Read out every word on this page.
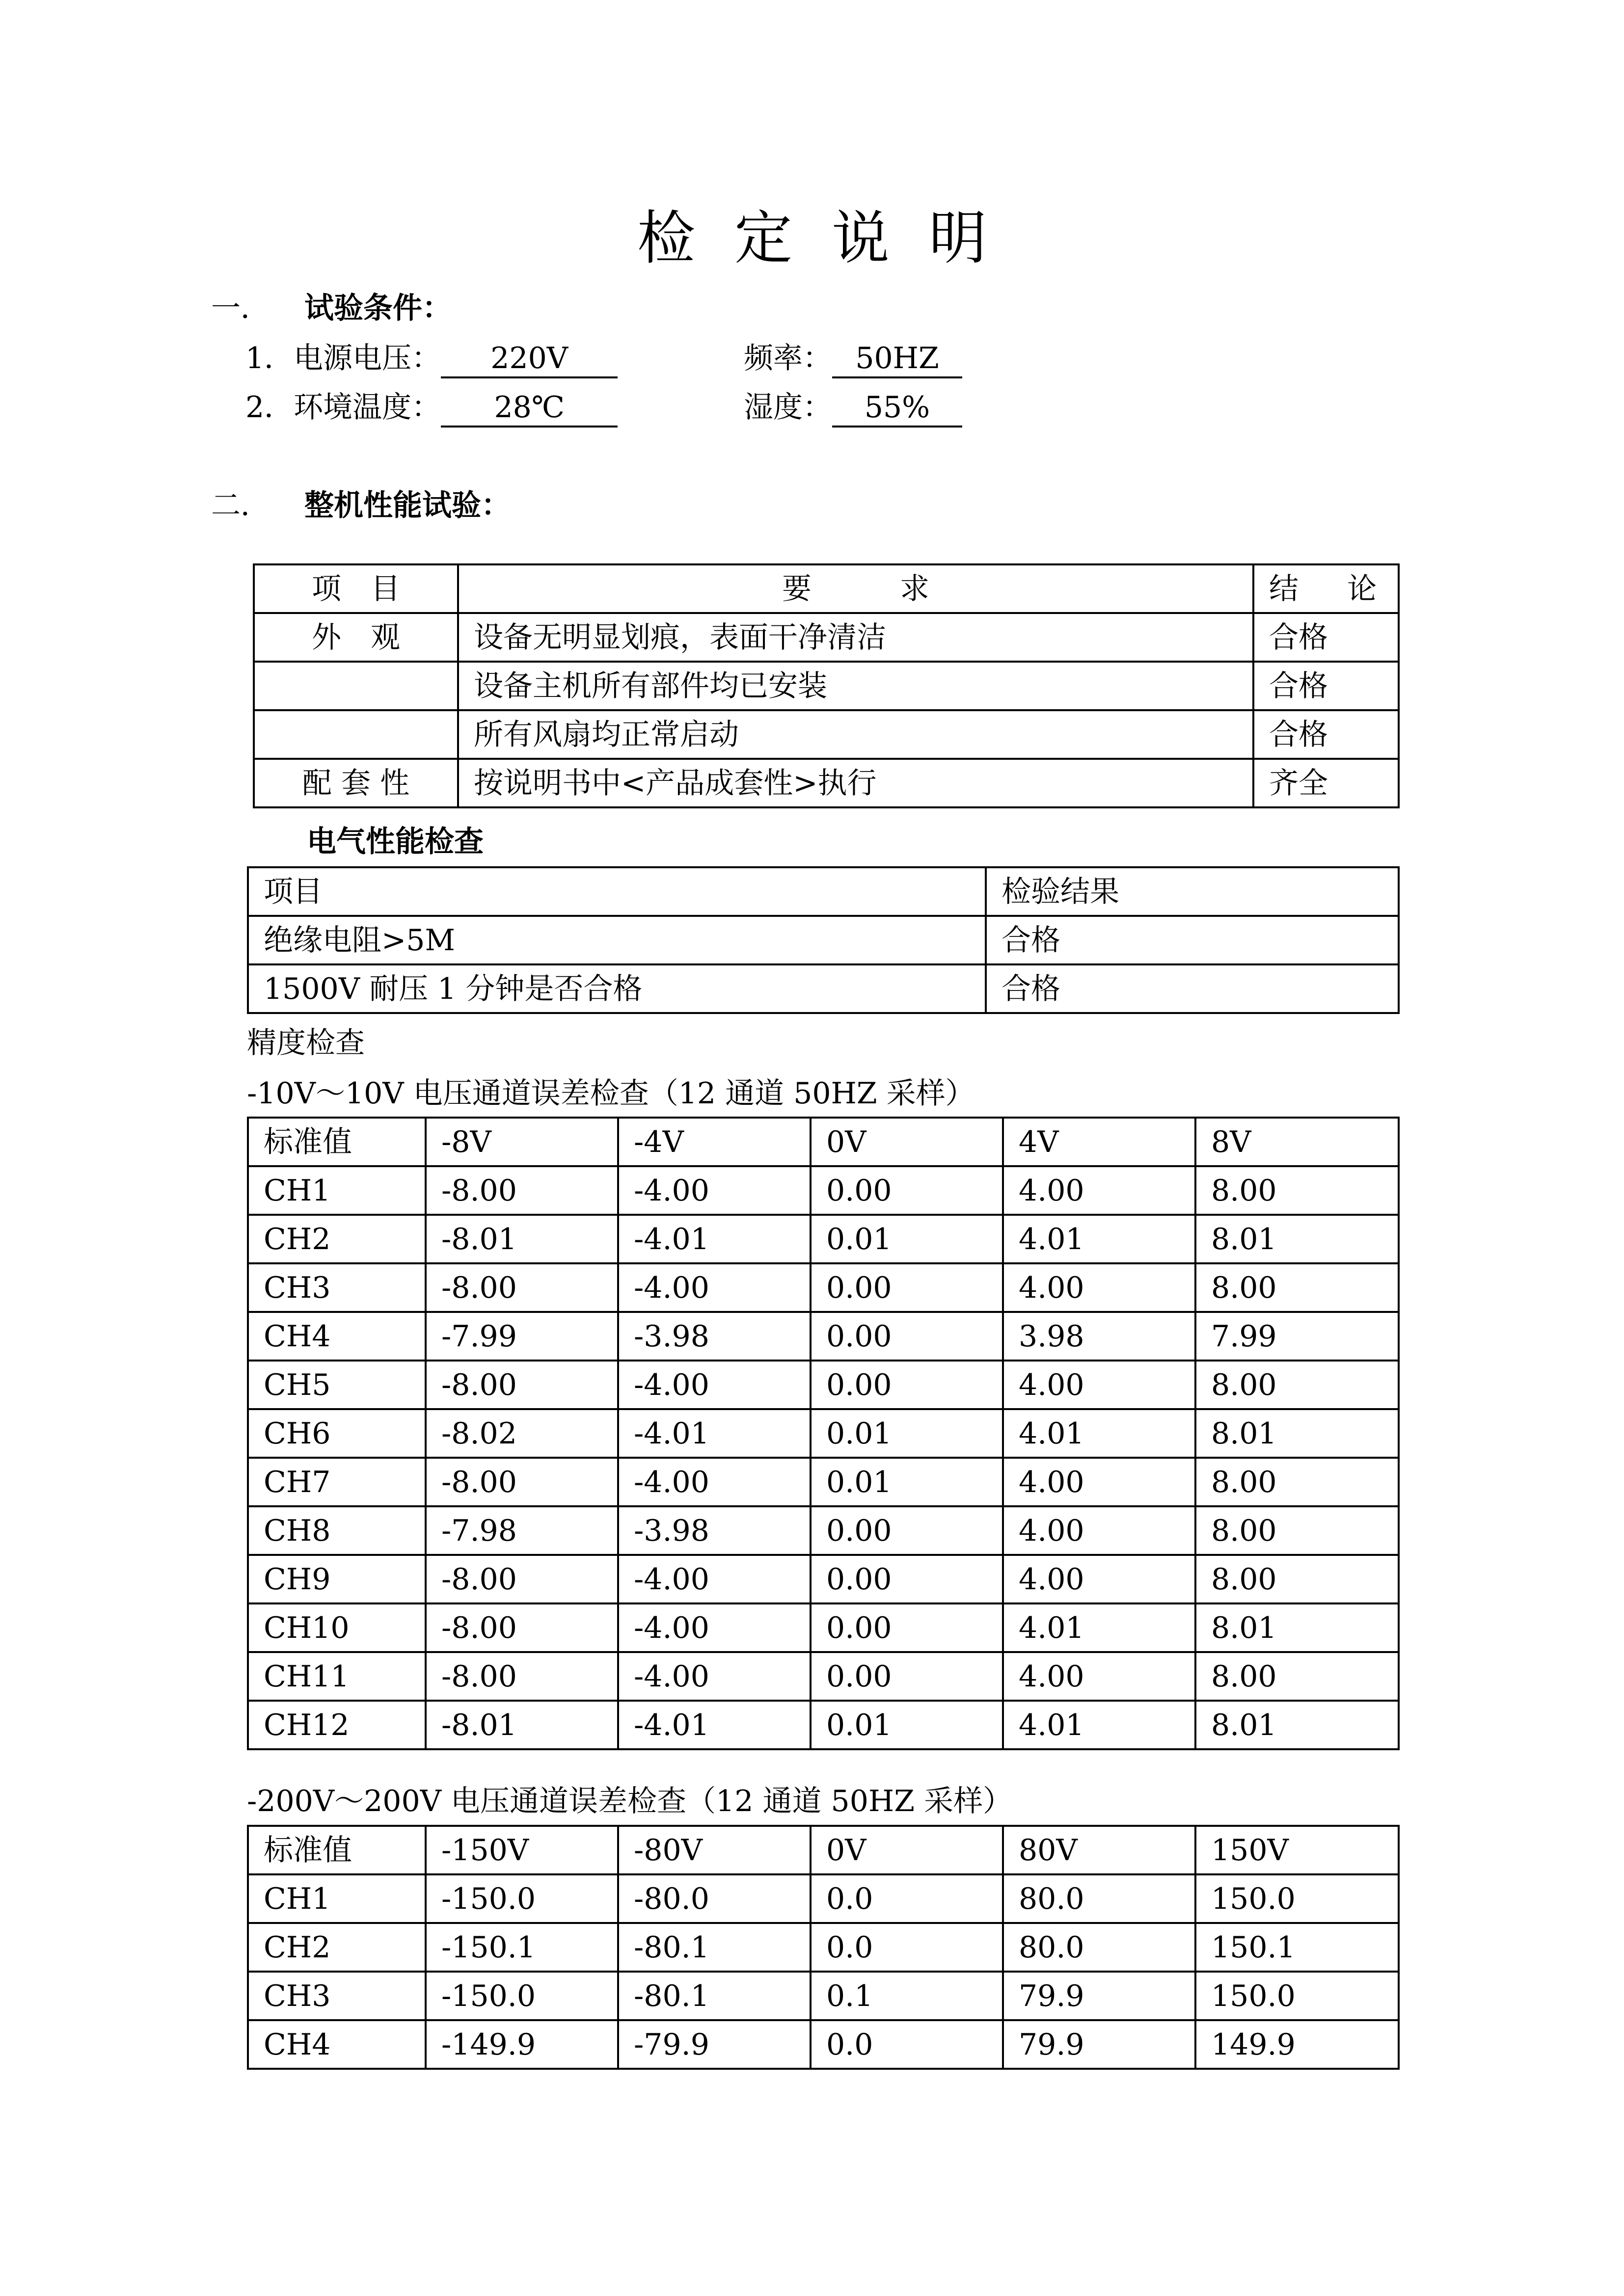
检定说明
一． 试验条件：
1．电源电压： 220V	频率： 50HZ
2．环境温度： 28℃	湿度： 55%
二． 整机性能试验：
项　目	要　　　求	结 论
外　观	设备无明显划痕，表面干净清洁	合格
	设备主机所有部件均已安装	合格
	所有风扇均正常启动	合格
配 套 性	按说明书中<产品成套性>执行	齐全
电气性能检查
项目	检验结果
绝缘电阻>5M	合格
1500V 耐压 1 分钟是否合格	合格
精度检查
-10V～10V 电压通道误差检查（12 通道 50HZ 采样）
标准值	-8V	-4V	0V	4V	8V
CH1	-8.00	-4.00	0.00	4.00	8.00
CH2	-8.01	-4.01	0.01	4.01	8.01
CH3	-8.00	-4.00	0.00	4.00	8.00
CH4	-7.99	-3.98	0.00	3.98	7.99
CH5	-8.00	-4.00	0.00	4.00	8.00
CH6	-8.02	-4.01	0.01	4.01	8.01
CH7	-8.00	-4.00	0.01	4.00	8.00
CH8	-7.98	-3.98	0.00	4.00	8.00
CH9	-8.00	-4.00	0.00	4.00	8.00
CH10	-8.00	-4.00	0.00	4.01	8.01
CH11	-8.00	-4.00	0.00	4.00	8.00
CH12	-8.01	-4.01	0.01	4.01	8.01
-200V～200V 电压通道误差检查（12 通道 50HZ 采样）
标准值	-150V	-80V	0V	80V	150V
CH1	-150.0	-80.0	0.0	80.0	150.0
CH2	-150.1	-80.1	0.0	80.0	150.1
CH3	-150.0	-80.1	0.1	79.9	150.0
CH4	-149.9	-79.9	0.0	79.9	149.9
